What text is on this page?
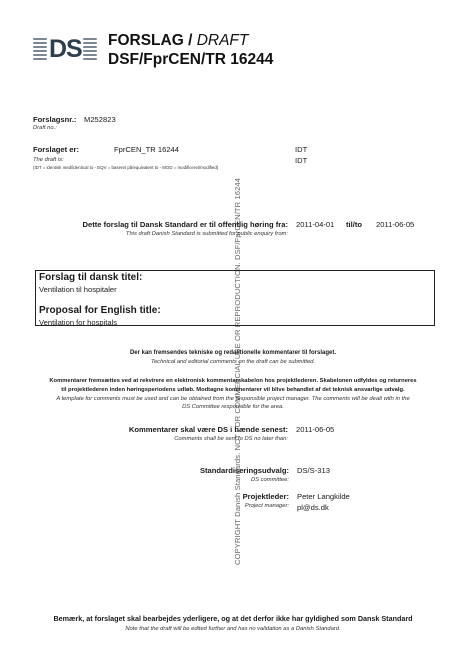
DS FORSLAG / DRAFT
DSF/FprCEN/TR 16244
COPYRIGHT Danish Standards. NOT FOR COMMERCIAL USE OR REPRODUCTION. DSF/FprCEN/TR 16244
Forslagsnr.: M252823
Draft no.:
Forslaget er:	FprCEN_TR 16244	IDT
The draft is:	IDT
(IDT = identisk med/identical to - EQV = baseret på/equivalent to - MOD = modificeret/modified)
Dette forslag til Dansk Standard er til offentlig høring fra:
This draft Danish Standard is submitted for public enquiry from:
2011-04-01 til/to 2011-06-05
Forslag til dansk titel:
Ventilation til hospitaler
Proposal for English title:
Ventilation for hospitals
Der kan fremsendes tekniske og redaktionelle kommentarer til forslaget.
Technical and editorial comments on the draft can be submitted.
Kommentarer fremsættes ved at rekvirere en elektronisk kommentarskabelon hos projektlederen. Skabelonen udfyldes og returneres
til projektlederen inden høringsperiodens udløb. Modtagne kommentarer vil blive behandlet af det teknisk ansvarlige udvalg.
A template for comments must be used and can be obtained from the responsible project manager. The comments will be dealt with in the
DS Committee responsible for the area.
Kommentarer skal være DS i hænde senest:
Comments shall be sent to DS no later than:
2011-06-05
Standardiseringsudvalg:
DS committee:
DS/S-313
Projektleder:
Project manager:
Peter Langkilde
pl@ds.dk
Bemærk, at forslaget skal bearbejdes yderligere, og at det derfor ikke har gyldighed som Dansk Standard
Note that the draft will be edited further and has no validation as a Danish Standard.
